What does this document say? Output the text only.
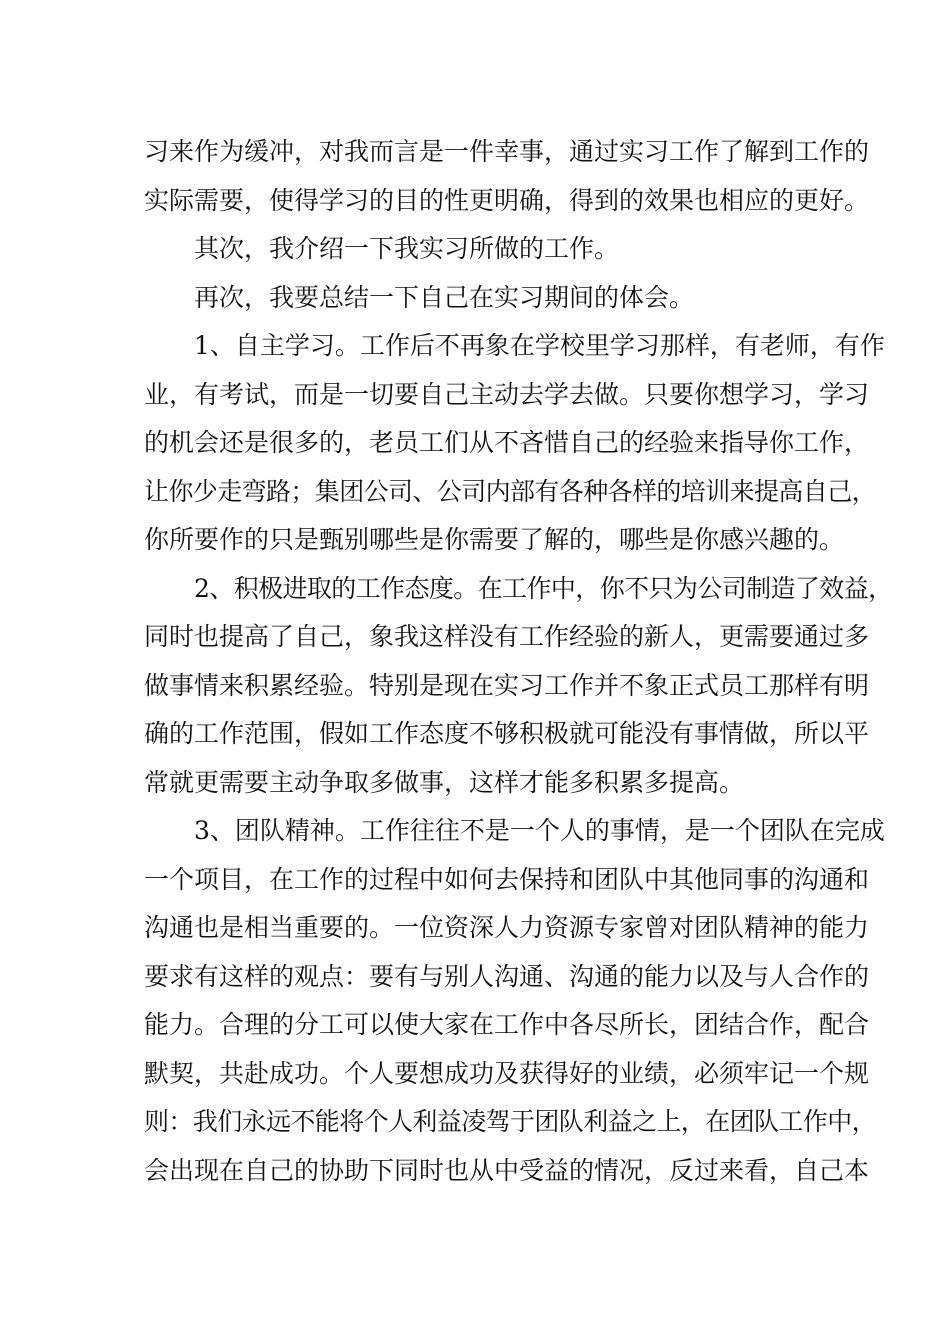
习来作为缓冲，对我而言是一件幸事，通过实习工作了解到工作的
实际需要，使得学习的目的性更明确，得到的效果也相应的更好。
其次，我介绍一下我实习所做的工作。
再次，我要总结一下自己在实习期间的体会。
1、自主学习。工作后不再象在学校里学习那样，有老师，有作
业，有考试，而是一切要自己主动去学去做。只要你想学习，学习
的机会还是很多的，老员工们从不吝惜自己的经验来指导你工作，
让你少走弯路；集团公司、公司内部有各种各样的培训来提高自己，
你所要作的只是甄别哪些是你需要了解的，哪些是你感兴趣的。
2、积极进取的工作态度。在工作中，你不只为公司制造了效益，
同时也提高了自己，象我这样没有工作经验的新人，更需要通过多
做事情来积累经验。特别是现在实习工作并不象正式员工那样有明
确的工作范围，假如工作态度不够积极就可能没有事情做，所以平
常就更需要主动争取多做事，这样才能多积累多提高。
3、团队精神。工作往往不是一个人的事情，是一个团队在完成
一个项目，在工作的过程中如何去保持和团队中其他同事的沟通和
沟通也是相当重要的。一位资深人力资源专家曾对团队精神的能力
要求有这样的观点：要有与别人沟通、沟通的能力以及与人合作的
能力。合理的分工可以使大家在工作中各尽所长，团结合作，配合
默契，共赴成功。个人要想成功及获得好的业绩，必须牢记一个规
则：我们永远不能将个人利益凌驾于团队利益之上，在团队工作中，
会出现在自己的协助下同时也从中受益的情况，反过来看，自己本
